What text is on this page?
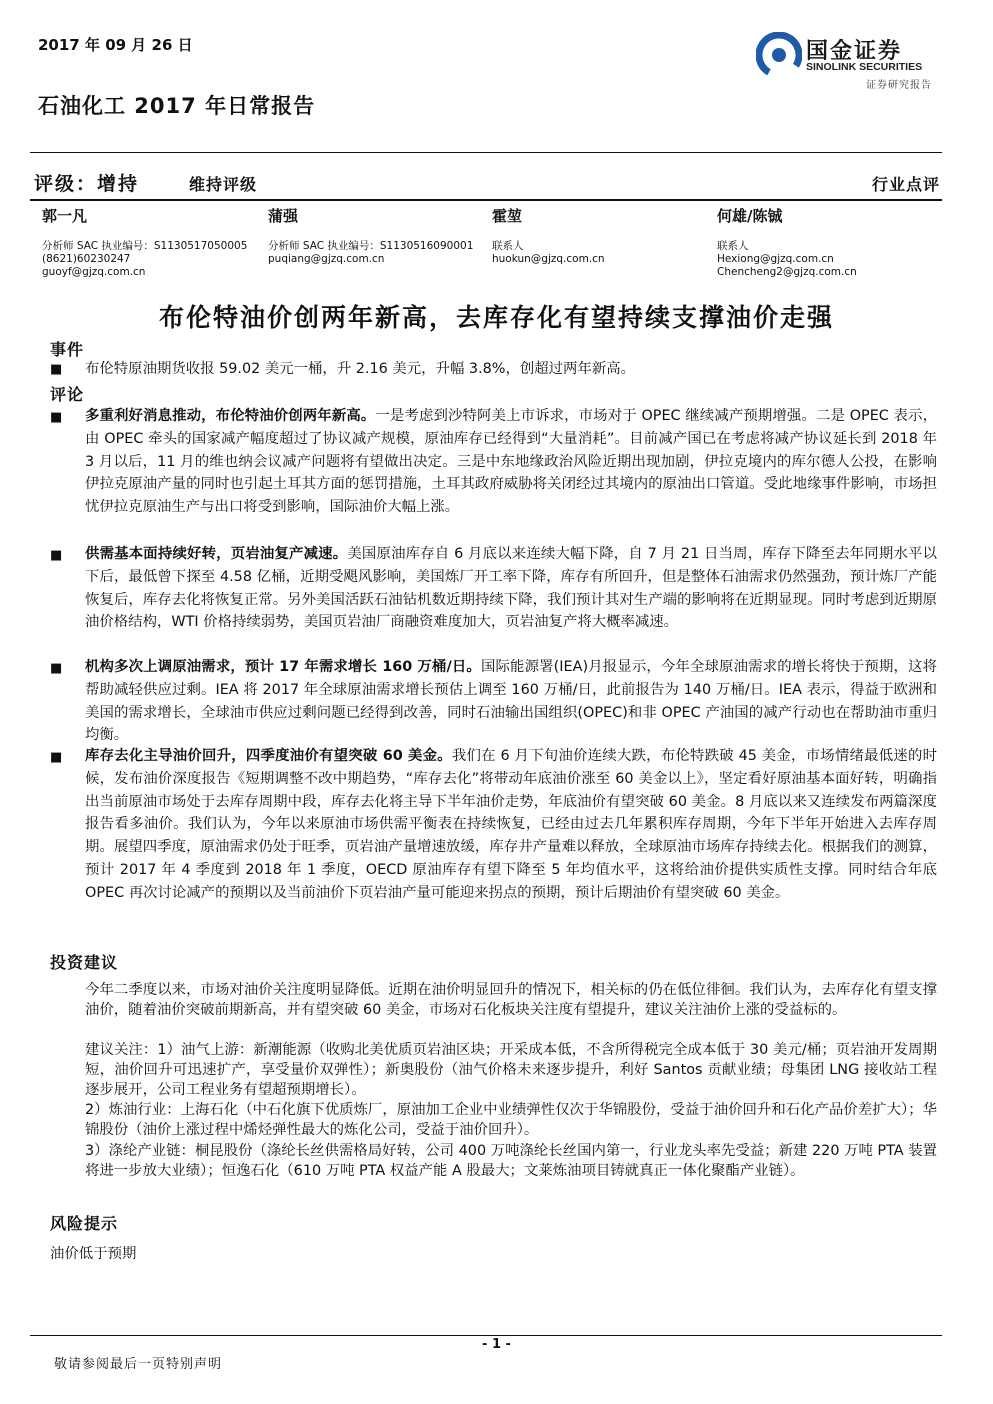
2017 年 09 月 26 日
石油化工 2017 年日常报告
国金证券
SINOLINK SECURITIES
证券研究报告
评级：增持	维持评级	行业点评
郭一凡
分析师 SAC 执业编号：S1130517050005
(8621)60230247
guoyf@gjzq.com.cn
蒲强
分析师 SAC 执业编号：S1130516090001
puqiang@gjzq.com.cn
霍堃
联系人
huokun@gjzq.com.cn
何雄/陈铖
联系人
Hexiong@gjzq.com.cn
Chencheng2@gjzq.com.cn
布伦特油价创两年新高，去库存化有望持续支撑油价走强
事件
■ 布伦特原油期货收报 59.02 美元一桶，升 2.16 美元，升幅 3.8%，创超过两年新高。
评论
■ 多重利好消息推动，布伦特油价创两年新高。一是考虑到沙特阿美上市诉求，市场对于 OPEC 继续减产预期增强。二是 OPEC 表示，由 OPEC 牵头的国家减产幅度超过了协议减产规模，原油库存已经得到“大量消耗”。目前减产国已在考虑将减产协议延长到 2018 年 3 月以后，11 月的维也纳会议减产问题将有望做出决定。三是中东地缘政治风险近期出现加剧，伊拉克境内的库尔德人公投，在影响伊拉克原油产量的同时也引起土耳其方面的惩罚措施，土耳其政府威胁将关闭经过其境内的原油出口管道。受此地缘事件影响，市场担忧伊拉克原油生产与出口将受到影响，国际油价大幅上涨。
■ 供需基本面持续好转，页岩油复产减速。美国原油库存自 6 月底以来连续大幅下降，自 7 月 21 日当周，库存下降至去年同期水平以下后，最低曾下探至 4.58 亿桶，近期受飓风影响，美国炼厂开工率下降，库存有所回升，但是整体石油需求仍然强劲，预计炼厂产能恢复后，库存去化将恢复正常。另外美国活跃石油钻机数近期持续下降，我们预计其对生产端的影响将在近期显现。同时考虑到近期原油价格结构，WTI 价格持续弱势，美国页岩油厂商融资难度加大，页岩油复产将大概率减速。
■ 机构多次上调原油需求，预计 17 年需求增长 160 万桶/日。国际能源署(IEA)月报显示，今年全球原油需求的增长将快于预期，这将帮助减轻供应过剩。IEA 将 2017 年全球原油需求增长预估上调至 160 万桶/日，此前报告为 140 万桶/日。IEA 表示，得益于欧洲和美国的需求增长，全球油市供应过剩问题已经得到改善，同时石油输出国组织(OPEC)和非 OPEC 产油国的减产行动也在帮助油市重归均衡。
■ 库存去化主导油价回升，四季度油价有望突破 60 美金。我们在 6 月下旬油价连续大跌，布伦特跌破 45 美金，市场情绪最低迷的时候，发布油价深度报告《短期调整不改中期趋势，“库存去化”将带动年底油价涨至 60 美金以上》，坚定看好原油基本面好转，明确指出当前原油市场处于去库存周期中段，库存去化将主导下半年油价走势，年底油价有望突破 60 美金。8 月底以来又连续发布两篇深度报告看多油价。我们认为，今年以来原油市场供需平衡表在持续恢复，已经由过去几年累积库存周期，今年下半年开始进入去库存周期。展望四季度，原油需求仍处于旺季，页岩油产量增速放缓，库存井产量难以释放，全球原油市场库存持续去化。根据我们的测算，预计 2017 年 4 季度到 2018 年 1 季度，OECD 原油库存有望下降至 5 年均值水平，这将给油价提供实质性支撑。同时结合年底 OPEC 再次讨论减产的预期以及当前油价下页岩油产量可能迎来拐点的预期，预计后期油价有望突破 60 美金。
投资建议
今年二季度以来，市场对油价关注度明显降低。近期在油价明显回升的情况下，相关标的仍在低位徘徊。我们认为，去库存化有望支撑油价，随着油价突破前期新高，并有望突破 60 美金，市场对石化板块关注度有望提升，建议关注油价上涨的受益标的。
建议关注：1）油气上游：新潮能源（收购北美优质页岩油区块；开采成本低，不含所得税完全成本低于 30 美元/桶；页岩油开发周期短，油价回升可迅速扩产，享受量价双弹性）；新奥股份（油气价格未来逐步提升，利好 Santos 贡献业绩；母集团 LNG 接收站工程逐步展开，公司工程业务有望超预期增长）。
2）炼油行业：上海石化（中石化旗下优质炼厂，原油加工企业中业绩弹性仅次于华锦股份，受益于油价回升和石化产品价差扩大）；华锦股份（油价上涨过程中烯烃弹性最大的炼化公司，受益于油价回升）。
3）涤纶产业链：桐昆股份（涤纶长丝供需格局好转，公司 400 万吨涤纶长丝国内第一，行业龙头率先受益；新建 220 万吨 PTA 装置将进一步放大业绩）；恒逸石化（610 万吨 PTA 权益产能 A 股最大；文莱炼油项目铸就真正一体化聚酯产业链）。
风险提示
油价低于预期
- 1 -
敬请参阅最后一页特别声明
